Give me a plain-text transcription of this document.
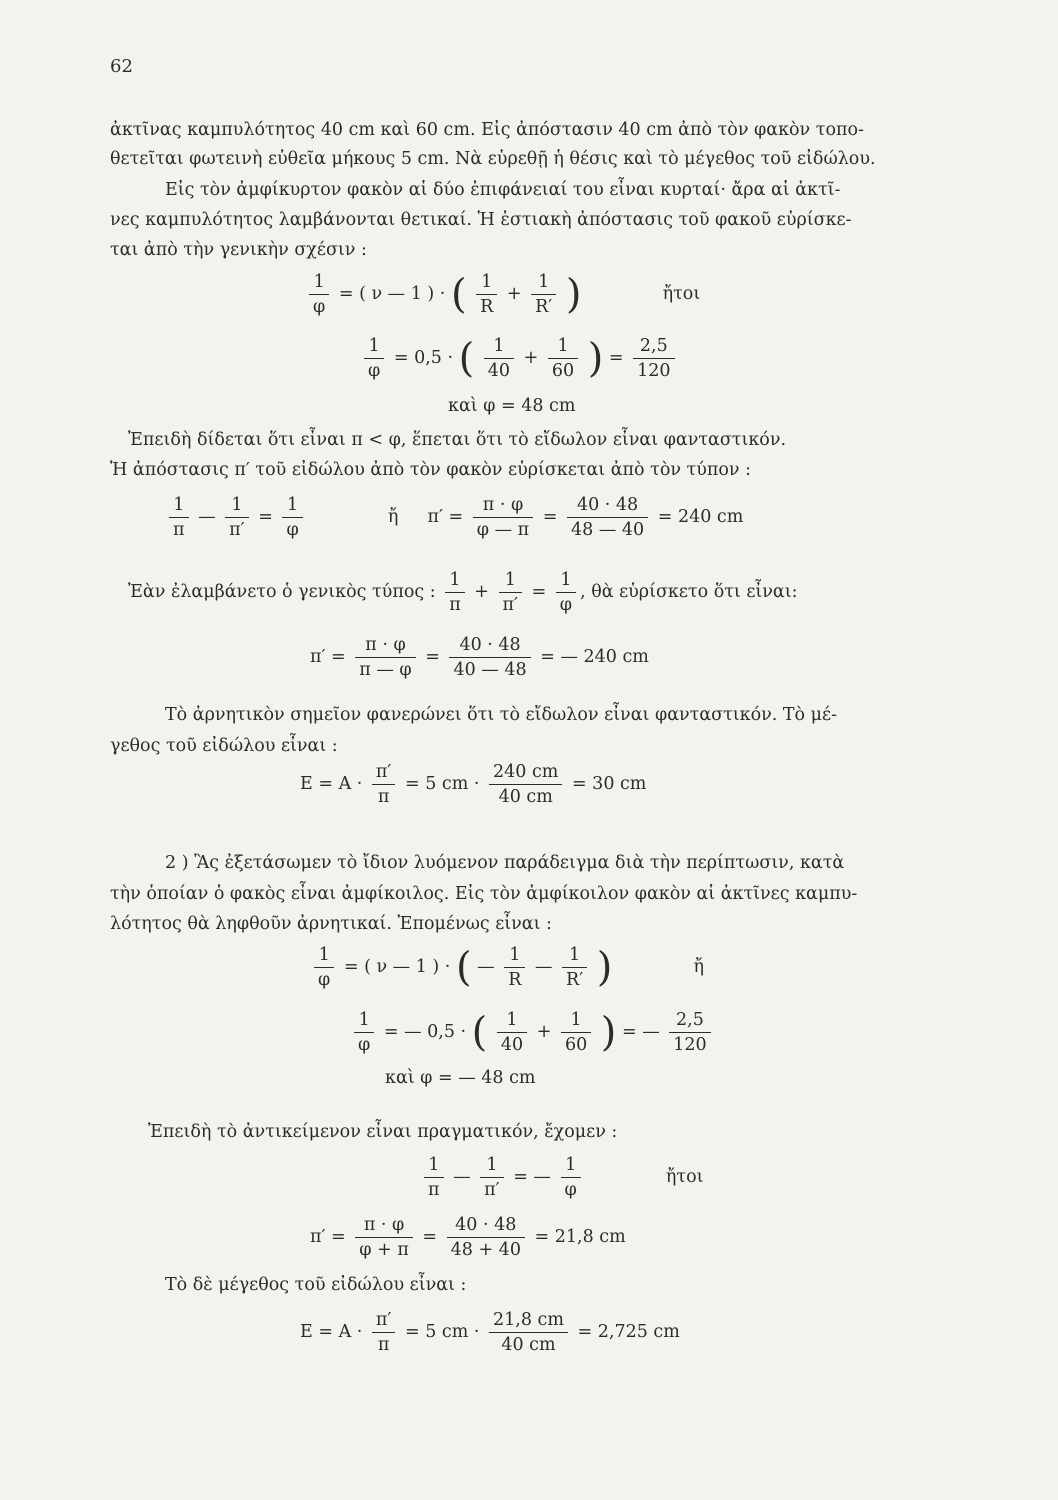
62
ἀκτῖνας καμπυλότητος 40 cm καὶ 60 cm. Εἰς ἀπόστασιν 40 cm ἀπὸ τὸν φακὸν τοπο-
θετεῖται φωτεινὴ εὐθεῖα μήκους 5 cm. Νὰ εὑρεθῇ ἡ θέσις καὶ τὸ μέγεθος τοῦ εἰδώλου.
Εἰς τὸν ἀμφίκυρτον φακὸν αἱ δύο ἐπιφάνειαί του εἶναι κυρταί· ἄρα αἱ ἀκτῖ-
νες καμπυλότητος λαμβάνονται θετικαί. Ἡ ἑστιακὴ ἀπόστασις τοῦ φακοῦ εὑρίσκε-
ται ἀπὸ τὴν γενικὴν σχέσιν :
$\frac{1}{\varphi}$ = ( ν — 1 ) · ( $\frac{1}{R} + \frac{1}{R'}$ )	ἤτοι
$\frac{1}{\varphi} = 0,5$ · ( $\frac{1}{40} + \frac{1}{60}$ ) = $\frac{2,5}{120}$
καὶ φ = 48 cm
Ἐπειδὴ δίδεται ὅτι εἶναι π < φ, ἕπεται ὅτι τὸ εἴδωλον εἶναι φανταστικόν.
Ἡ ἀπόστασις π′ τοῦ εἰδώλου ἀπὸ τὸν φακὸν εὑρίσκεται ἀπὸ τὸν τύπον :
$\frac{1}{\pi}$ — $\frac{1}{\pi'} = \frac{1}{\varphi}$	ἤ $\pi' = \frac{\pi \cdot \varphi}{\varphi — \pi} = \frac{40 \cdot 48}{48 — 40} = 240$ cm
Ἐὰν ἐλαμβάνετο ὁ γενικὸς τύπος : $\frac{1}{\pi} + \frac{1}{\pi'} = \frac{1}{\varphi}$ , θὰ εὑρίσκετο ὅτι εἶναι:
$\pi' = \frac{\pi \cdot \varphi}{\pi — \varphi} = \frac{40 \cdot 48}{40 — 48}$ = — 240 cm
Τὸ ἀρνητικὸν σημεῖον φανερώνει ὅτι τὸ εἴδωλον εἶναι φανταστικόν. Τὸ μέ-
γεθος τοῦ εἰδώλου εἶναι :
$E = A \cdot \frac{\pi'}{\pi} = 5$ cm · $\frac{240 cm}{40 cm} = 30$ cm
2 ) Ἂς ἐξετάσωμεν τὸ ἴδιον λυόμενον παράδειγμα διὰ τὴν περίπτωσιν, κατὰ
τὴν ὁποίαν ὁ φακὸς εἶναι ἀμφίκοιλος. Εἰς τὸν ἀμφίκοιλον φακὸν αἱ ἀκτῖνες καμπυ-
λότητος θὰ ληφθοῦν ἀρνητικαί. Ἐπομένως εἶναι :
$\frac{1}{\varphi}$ = ( ν — 1 ) · ( — $\frac{1}{R}$ — $\frac{1}{R'}$ )	ἤ
$\frac{1}{\varphi}$ = — 0,5 · ( $\frac{1}{40} + \frac{1}{60}$ ) = — $\frac{2,5}{120}$
καὶ φ = — 48 cm
Ἐπειδὴ τὸ ἀντικείμενον εἶναι πραγματικόν, ἔχομεν :
$\frac{1}{\pi}$ — $\frac{1}{\pi'}$ = — $\frac{1}{\varphi}$	ἤτοι
$\pi' = \frac{\pi \cdot \varphi}{\varphi + \pi} = \frac{40 \cdot 48}{48 + 40} = 21,8$ cm
Τὸ δὲ μέγεθος τοῦ εἰδώλου εἶναι :
$E = A \cdot \frac{\pi'}{\pi} = 5$ cm · $\frac{21,8 cm}{40 cm} = 2,725$ cm
